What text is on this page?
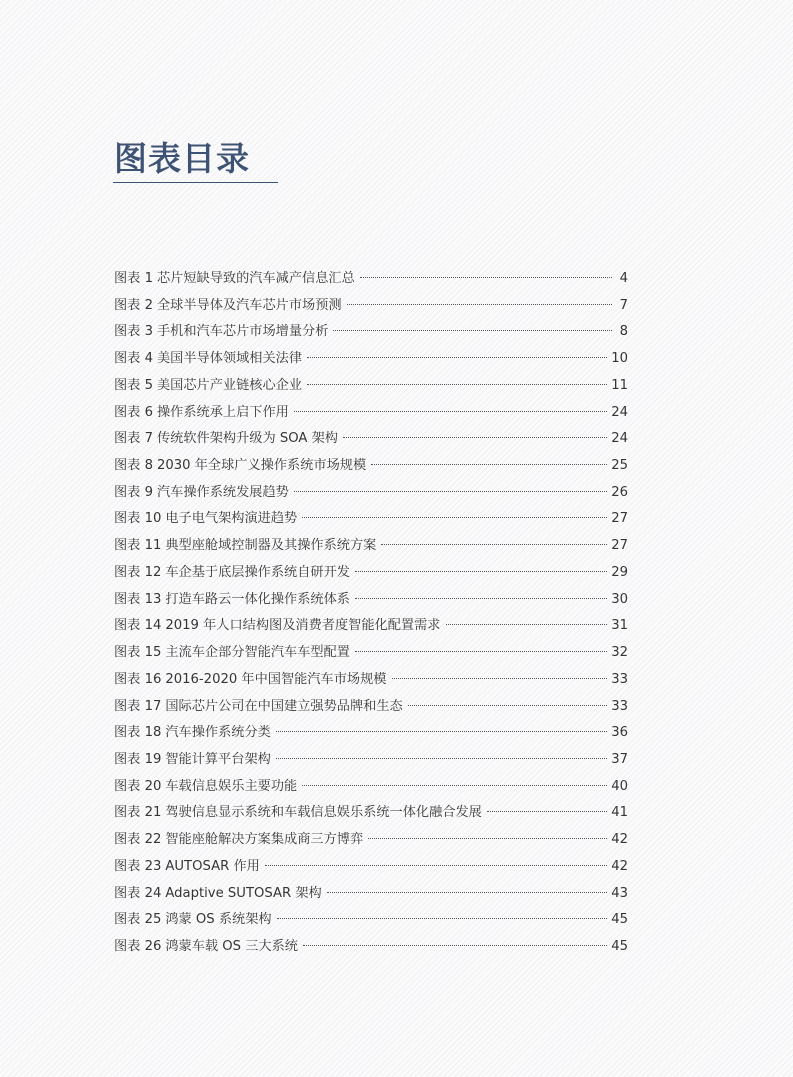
图表目录
图表 1 芯片短缺导致的汽车减产信息汇总	4
图表 2 全球半导体及汽车芯片市场预测	7
图表 3 手机和汽车芯片市场增量分析	8
图表 4 美国半导体领域相关法律	10
图表 5 美国芯片产业链核心企业	11
图表 6 操作系统承上启下作用	24
图表 7 传统软件架构升级为 SOA 架构	24
图表 8 2030 年全球广义操作系统市场规模	25
图表 9 汽车操作系统发展趋势	26
图表 10 电子电气架构演进趋势	27
图表 11 典型座舱域控制器及其操作系统方案	27
图表 12 车企基于底层操作系统自研开发	29
图表 13 打造车路云一体化操作系统体系	30
图表 14 2019 年人口结构图及消费者度智能化配置需求	31
图表 15 主流车企部分智能汽车车型配置	32
图表 16 2016-2020 年中国智能汽车市场规模	33
图表 17 国际芯片公司在中国建立强势品牌和生态	33
图表 18 汽车操作系统分类	36
图表 19 智能计算平台架构	37
图表 20 车载信息娱乐主要功能	40
图表 21 驾驶信息显示系统和车载信息娱乐系统一体化融合发展	41
图表 22 智能座舱解决方案集成商三方博弈	42
图表 23 AUTOSAR 作用	42
图表 24 Adaptive SUTOSAR 架构	43
图表 25 鸿蒙 OS 系统架构	45
图表 26 鸿蒙车载 OS 三大系统	45
